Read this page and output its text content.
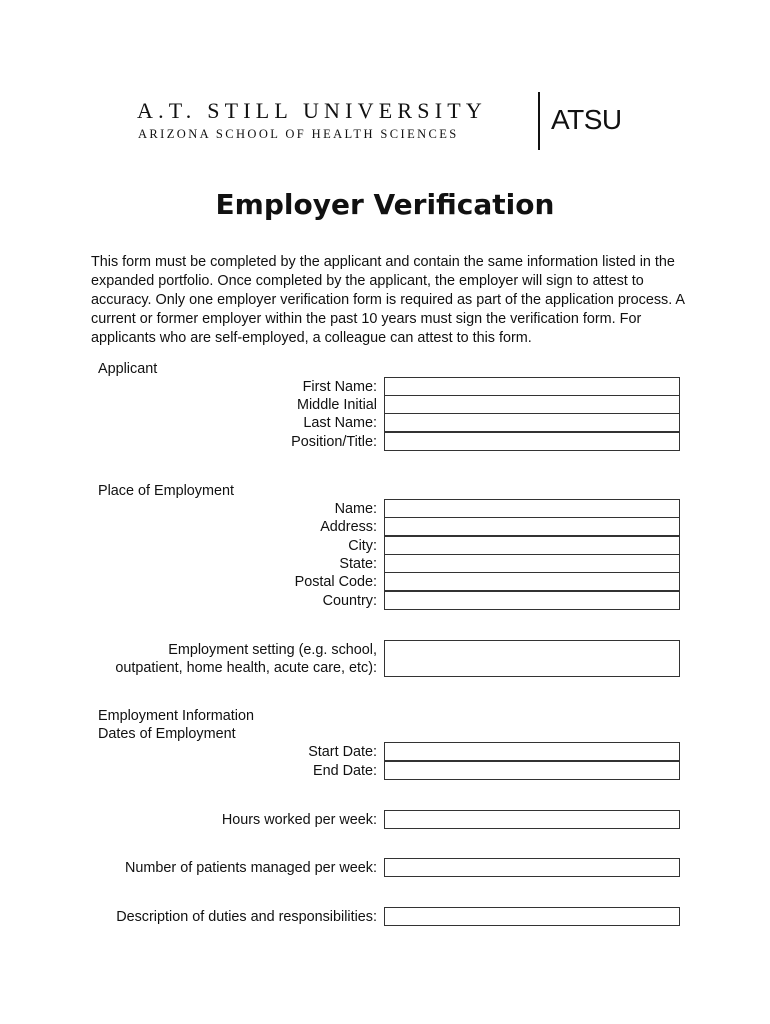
A.T. STILL UNIVERSITY
ARIZONA SCHOOL OF HEALTH SCIENCES	ATSU
Employer Verification
This form must be completed by the applicant and contain the same information listed in the expanded portfolio. Once completed by the applicant, the employer will sign to attest to accuracy. Only one employer verification form is required as part of the application process. A current or former employer within the past 10 years must sign the verification form. For applicants who are self-employed, a colleague can attest to this form.
Applicant
First Name:
Middle Initial
Last Name:
Position/Title:
Place of Employment
Name:
Address:
City:
State:
Postal Code:
Country:
Employment setting (e.g. school,
outpatient, home health, acute care, etc):
Employment Information
Dates of Employment
Start Date:
End Date:
Hours worked per week:
Number of patients managed per week:
Description of duties and responsibilities:
